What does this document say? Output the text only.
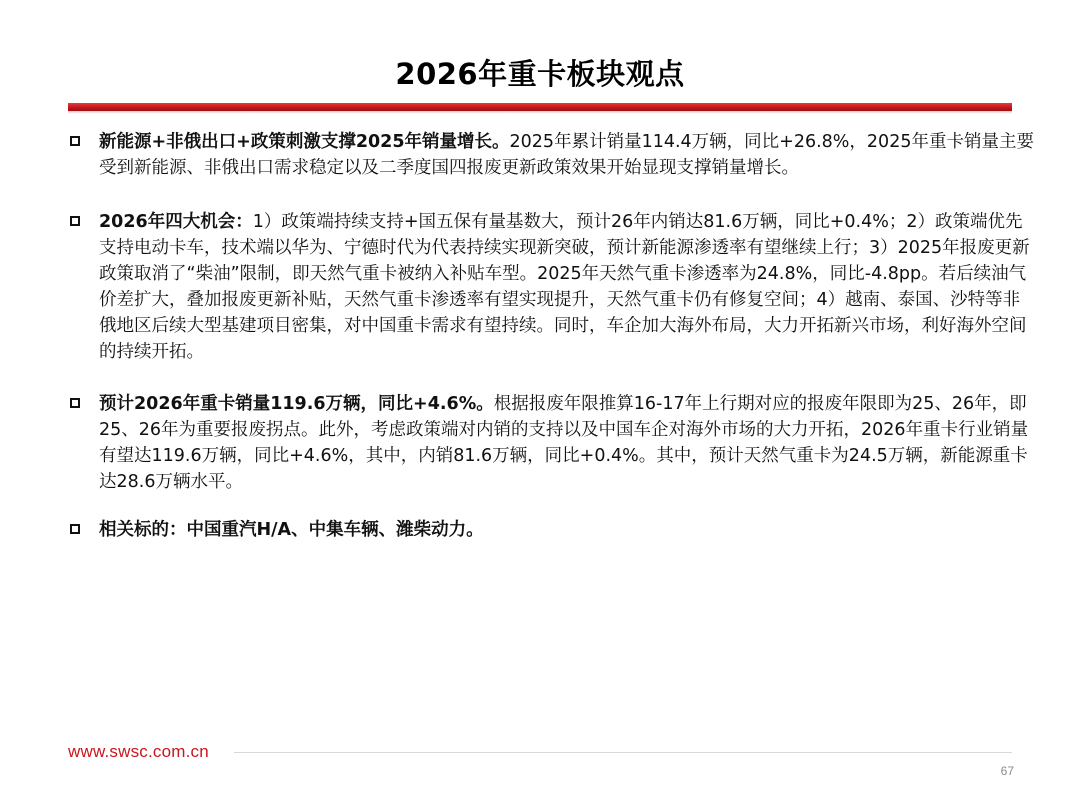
2026年重卡板块观点
新能源+非俄出口+政策刺激支撑2025年销量增长。2025年累计销量114.4万辆，同比+26.8%，2025年重卡销量主要受到新能源、非俄出口需求稳定以及二季度国四报废更新政策效果开始显现支撑销量增长。
2026年四大机会：1）政策端持续支持+国五保有量基数大，预计26年内销达81.6万辆，同比+0.4%；2）政策端优先支持电动卡车，技术端以华为、宁德时代为代表持续实现新突破，预计新能源渗透率有望继续上行；3）2025年报废更新政策取消了“柴油”限制，即天然气重卡被纳入补贴车型。2025年天然气重卡渗透率为24.8%，同比-4.8pp。若后续油气价差扩大，叠加报废更新补贴，天然气重卡渗透率有望实现提升，天然气重卡仍有修复空间；4）越南、泰国、沙特等非俄地区后续大型基建项目密集，对中国重卡需求有望持续。同时，车企加大海外布局，大力开拓新兴市场，利好海外空间的持续开拓。
预计2026年重卡销量119.6万辆，同比+4.6%。根据报废年限推算16-17年上行期对应的报废年限即为25、26年，即25、26年为重要报废拐点。此外，考虑政策端对内销的支持以及中国车企对海外市场的大力开拓，2026年重卡行业销量有望达119.6万辆，同比+4.6%，其中，内销81.6万辆，同比+0.4%。其中，预计天然气重卡为24.5万辆，新能源重卡达28.6万辆水平。
相关标的：中国重汽H/A、中集车辆、潍柴动力。
www.swsc.com.cn
67
